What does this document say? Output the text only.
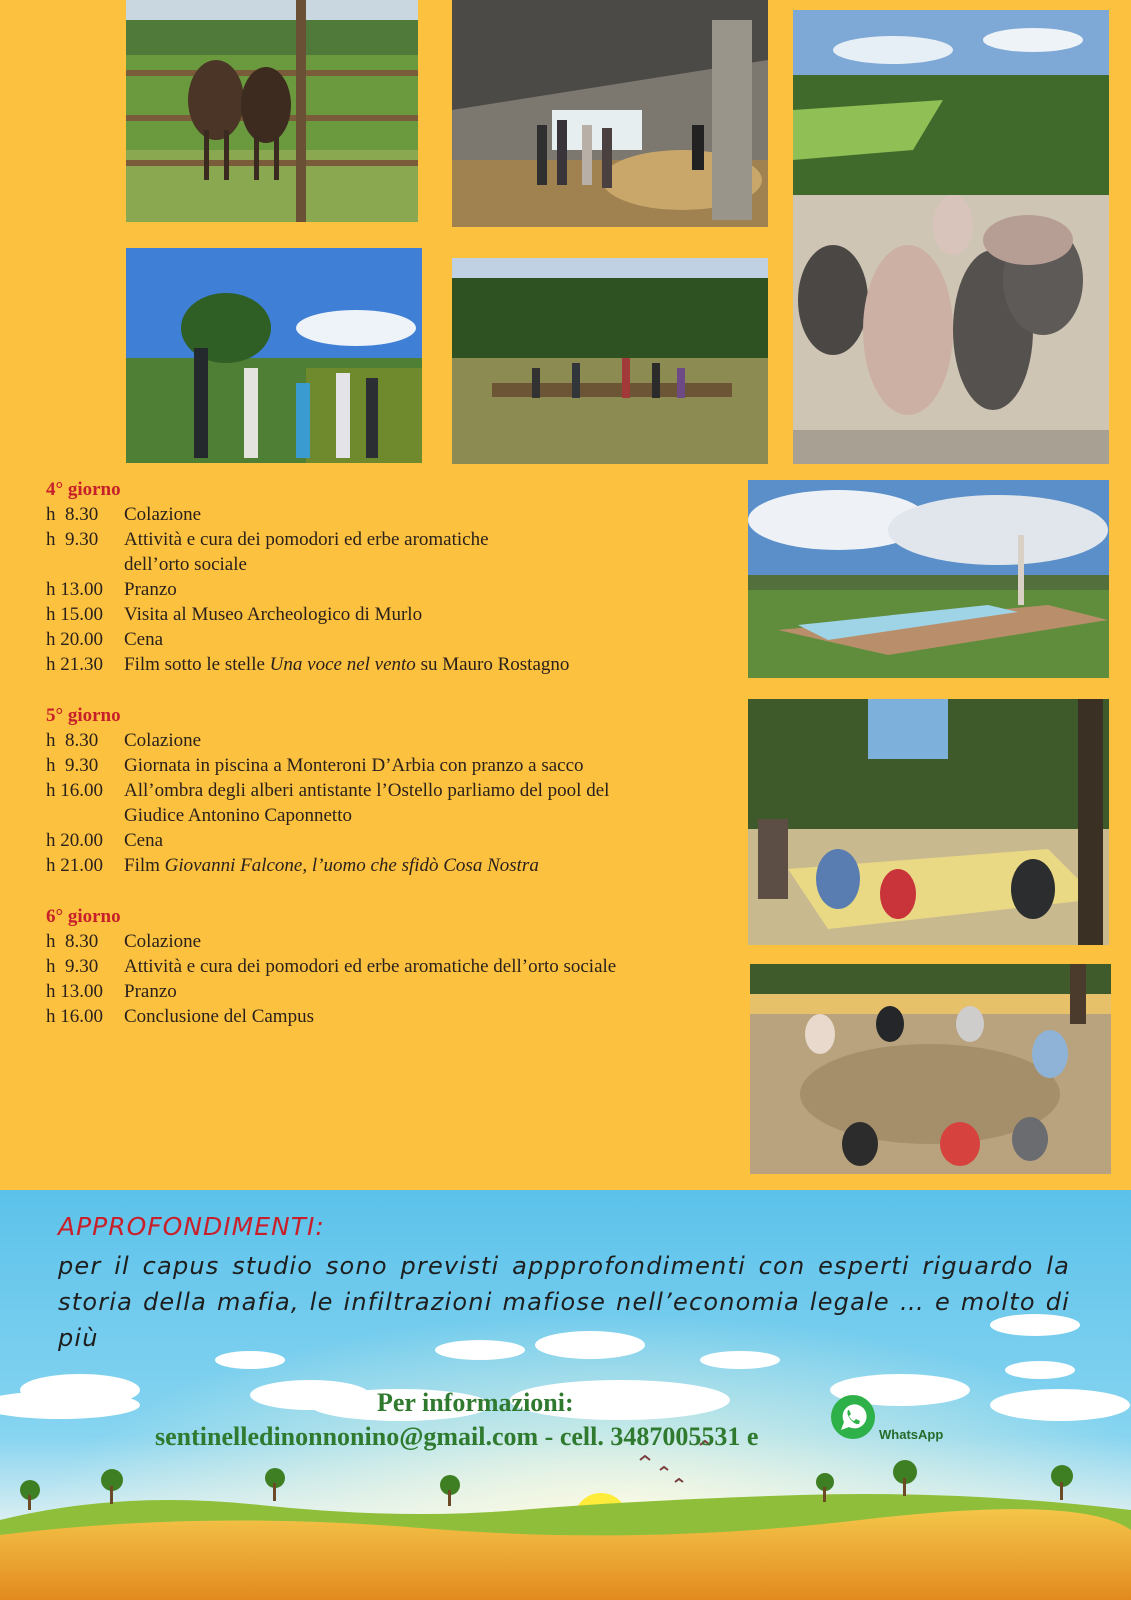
4° giorno
h  8.30	Colazione
h  9.30	Attività e cura dei pomodori ed erbe aromatiche
dell’orto sociale
h 13.00	Pranzo
h 15.00	Visita al Museo Archeologico di Murlo
h 20.00	Cena
h 21.30	Film sotto le stelle Una voce nel vento su Mauro Rostagno
5° giorno
h  8.30	Colazione
h  9.30	Giornata in piscina a Monteroni D’Arbia con pranzo a sacco
h 16.00	All’ombra degli alberi antistante l’Ostello parliamo del pool del
Giudice Antonino Caponnetto
h 20.00	Cena
h 21.00	Film Giovanni Falcone, l’uomo che sfidò Cosa Nostra
6° giorno
h  8.30	Colazione
h  9.30	Attività e cura dei pomodori ed erbe aromatiche dell’orto sociale
h 13.00	Pranzo
h 16.00	Conclusione del Campus
APPROFONDIMENTI:
per il capus studio sono previsti appprofondimenti con esperti riguardo la storia della mafia, le infiltrazioni mafiose nell’economia legale … e molto di più
Per informazioni:
sentinelledinonnonino@gmail.com - cell. 3487005531 e	WhatsApp
